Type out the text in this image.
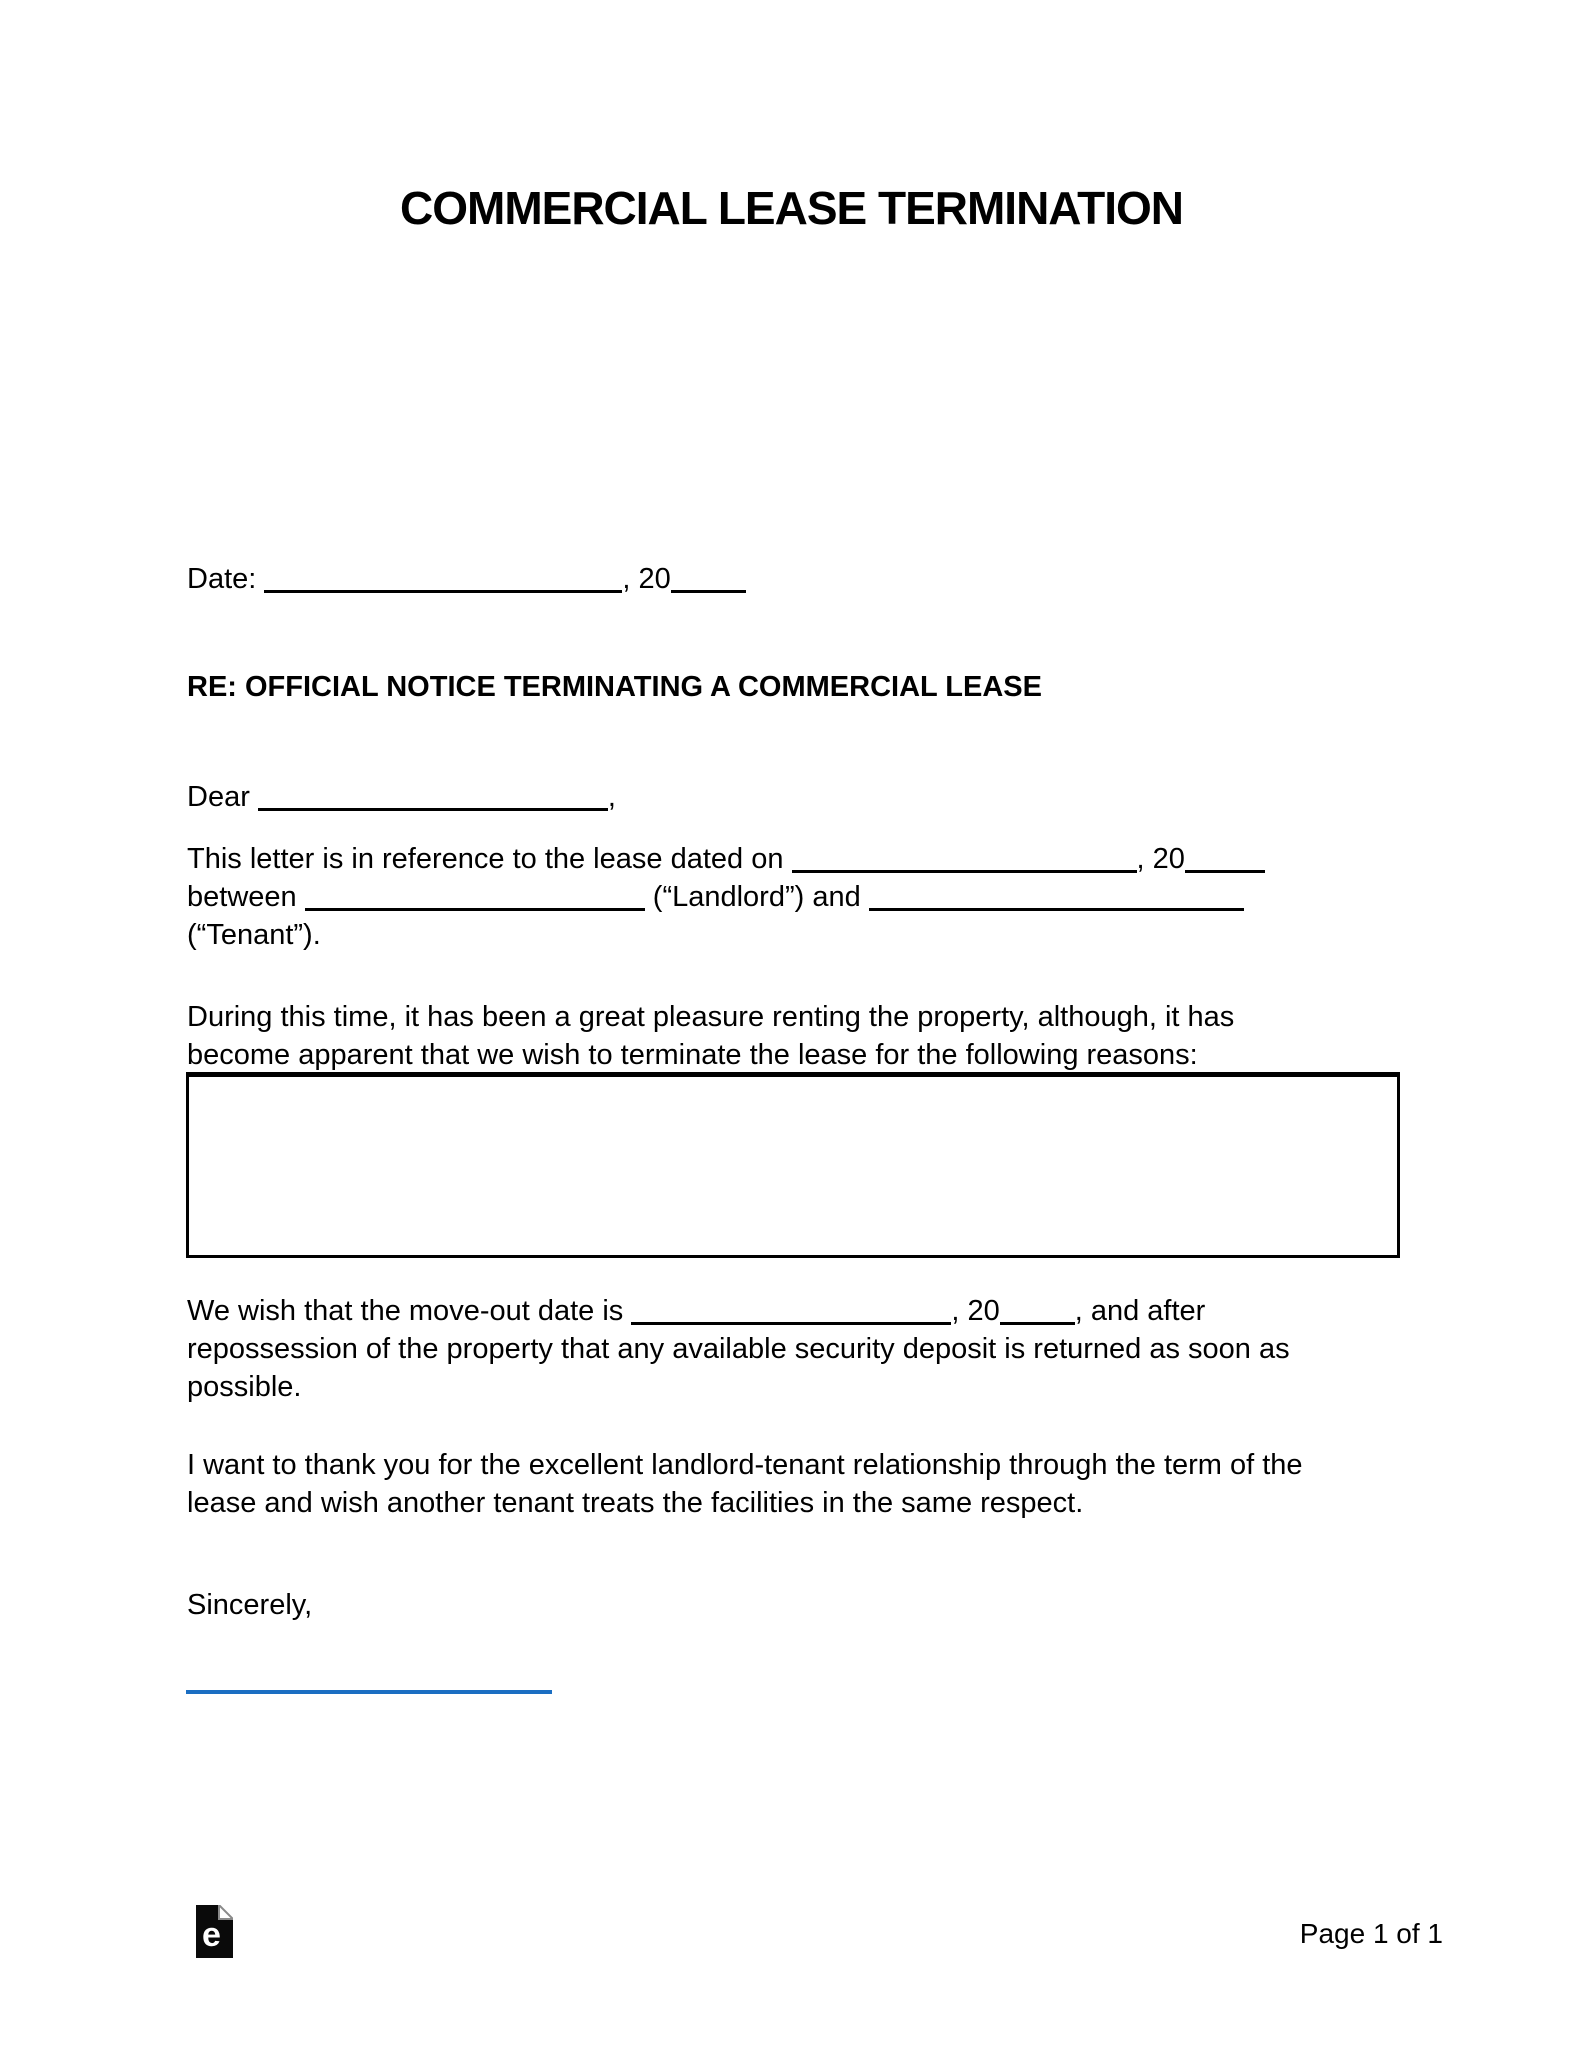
COMMERCIAL LEASE TERMINATION
Date:	, 20
RE: OFFICIAL NOTICE TERMINATING A COMMERCIAL LEASE
Dear	,
This letter is in reference to the lease dated on	, 20
between	(“Landlord”) and
(“Tenant”).
During this time, it has been a great pleasure renting the property, although, it has
become apparent that we wish to terminate the lease for the following reasons:
We wish that the move-out date is	, 20	, and after
repossession of the property that any available security deposit is returned as soon as
possible.
I want to thank you for the excellent landlord-tenant relationship through the term of the
lease and wish another tenant treats the facilities in the same respect.
Sincerely,
e	Page 1 of 1
